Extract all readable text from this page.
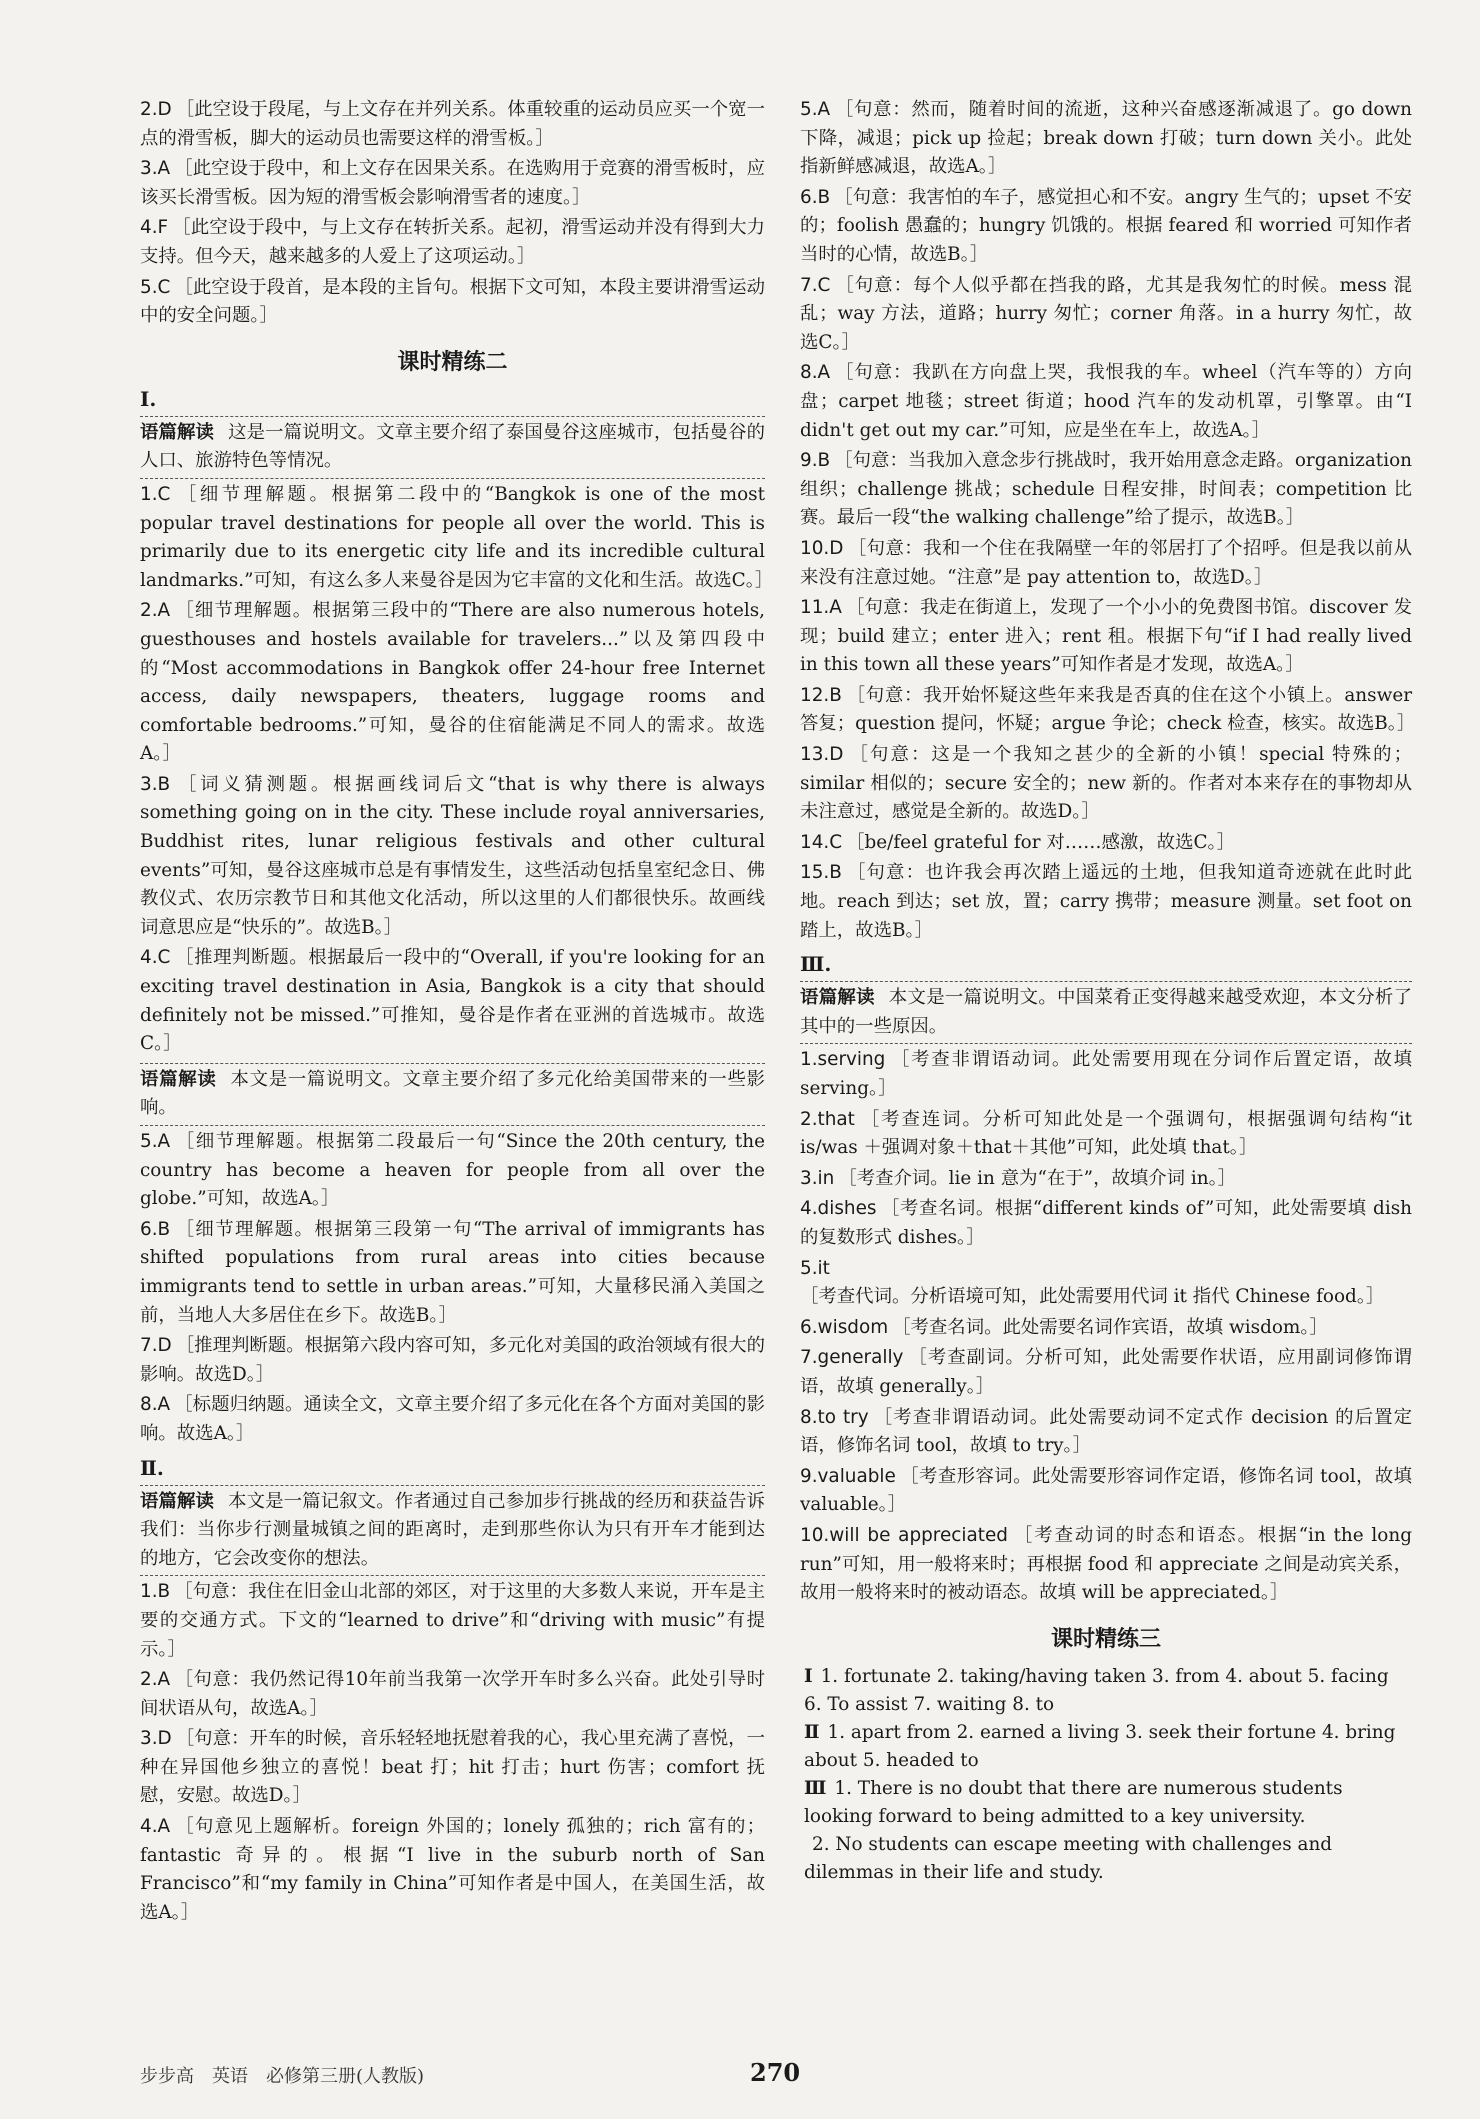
2.D ［此空设于段尾，与上文存在并列关系。体重较重的运动员应买一个宽一点的滑雪板，脚大的运动员也需要这样的滑雪板。］
3.A ［此空设于段中，和上文存在因果关系。在选购用于竞赛的滑雪板时，应该买长滑雪板。因为短的滑雪板会影响滑雪者的速度。］
4.F ［此空设于段中，与上文存在转折关系。起初，滑雪运动并没有得到大力支持。但今天，越来越多的人爱上了这项运动。］
5.C ［此空设于段首，是本段的主旨句。根据下文可知，本段主要讲滑雪运动中的安全问题。］
课时精练二
Ⅰ.
语篇解读 这是一篇说明文。文章主要介绍了泰国曼谷这座城市，包括曼谷的人口、旅游特色等情况。
1.C ［细节理解题。根据第二段中的“Bangkok is one of the most popular travel destinations for people all over the world. This is primarily due to its energetic city life and its incredible cultural landmarks.”可知，有这么多人来曼谷是因为它丰富的文化和生活。故选C。］
2.A ［细节理解题。根据第三段中的“There are also numerous hotels, guesthouses and hostels available for travelers...”以及第四段中的“Most accommodations in Bangkok offer 24-hour free Internet access, daily newspapers, theaters, luggage rooms and comfortable bedrooms.”可知，曼谷的住宿能满足不同人的需求。故选A。］
3.B ［词义猜测题。根据画线词后文“that is why there is always something going on in the city. These include royal anniversaries, Buddhist rites, lunar religious festivals and other cultural events”可知，曼谷这座城市总是有事情发生，这些活动包括皇室纪念日、佛教仪式、农历宗教节日和其他文化活动，所以这里的人们都很快乐。故画线词意思应是“快乐的”。故选B。］
4.C ［推理判断题。根据最后一段中的“Overall, if you're looking for an exciting travel destination in Asia, Bangkok is a city that should definitely not be missed.”可推知，曼谷是作者在亚洲的首选城市。故选C。］
语篇解读 本文是一篇说明文。文章主要介绍了多元化给美国带来的一些影响。
5.A ［细节理解题。根据第二段最后一句“Since the 20th century, the country has become a heaven for people from all over the globe.”可知，故选A。］
6.B ［细节理解题。根据第三段第一句“The arrival of immigrants has shifted populations from rural areas into cities because immigrants tend to settle in urban areas.”可知，大量移民涌入美国之前，当地人大多居住在乡下。故选B。］
7.D ［推理判断题。根据第六段内容可知，多元化对美国的政治领域有很大的影响。故选D。］
8.A ［标题归纳题。通读全文，文章主要介绍了多元化在各个方面对美国的影响。故选A。］
Ⅱ.
语篇解读 本文是一篇记叙文。作者通过自己参加步行挑战的经历和获益告诉我们：当你步行测量城镇之间的距离时，走到那些你认为只有开车才能到达的地方，它会改变你的想法。
1.B ［句意：我住在旧金山北部的郊区，对于这里的大多数人来说，开车是主要的交通方式。下文的“learned to drive”和“driving with music”有提示。］
2.A ［句意：我仍然记得10年前当我第一次学开车时多么兴奋。此处引导时间状语从句，故选A。］
3.D ［句意：开车的时候，音乐轻轻地抚慰着我的心，我心里充满了喜悦，一种在异国他乡独立的喜悦！beat 打；hit 打击；hurt 伤害；comfort 抚慰，安慰。故选D。］
4.A ［句意见上题解析。foreign 外国的；lonely 孤独的；rich 富有的；fantastic 奇异的。根据“I live in the suburb north of San Francisco”和“my family in China”可知作者是中国人，在美国生活，故选A。］
5.A ［句意：然而，随着时间的流逝，这种兴奋感逐渐减退了。go down 下降，减退；pick up 捡起；break down 打破；turn down 关小。此处指新鲜感减退，故选A。］
6.B ［句意：我害怕的车子，感觉担心和不安。angry 生气的；upset 不安的；foolish 愚蠢的；hungry 饥饿的。根据 feared 和 worried 可知作者当时的心情，故选B。］
7.C ［句意：每个人似乎都在挡我的路，尤其是我匆忙的时候。mess 混乱；way 方法，道路；hurry 匆忙；corner 角落。in a hurry 匆忙，故选C。］
8.A ［句意：我趴在方向盘上哭，我恨我的车。wheel（汽车等的）方向盘；carpet 地毯；street 街道；hood 汽车的发动机罩，引擎罩。由“I didn't get out my car.”可知，应是坐在车上，故选A。］
9.B ［句意：当我加入意念步行挑战时，我开始用意念走路。organization 组织；challenge 挑战；schedule 日程安排，时间表；competition 比赛。最后一段“the walking challenge”给了提示，故选B。］
10.D ［句意：我和一个住在我隔壁一年的邻居打了个招呼。但是我以前从来没有注意过她。“注意”是 pay attention to，故选D。］
11.A ［句意：我走在街道上，发现了一个小小的免费图书馆。discover 发现；build 建立；enter 进入；rent 租。根据下句“if I had really lived in this town all these years”可知作者是才发现，故选A。］
12.B ［句意：我开始怀疑这些年来我是否真的住在这个小镇上。answer 答复；question 提问，怀疑；argue 争论；check 检查，核实。故选B。］
13.D ［句意：这是一个我知之甚少的全新的小镇！special 特殊的；similar 相似的；secure 安全的；new 新的。作者对本来存在的事物却从未注意过，感觉是全新的。故选D。］
14.C ［be/feel grateful for 对……感激，故选C。］
15.B ［句意：也许我会再次踏上遥远的土地，但我知道奇迹就在此时此地。reach 到达；set 放，置；carry 携带；measure 测量。set foot on 踏上，故选B。］
Ⅲ.
语篇解读 本文是一篇说明文。中国菜肴正变得越来越受欢迎，本文分析了其中的一些原因。
1.serving ［考查非谓语动词。此处需要用现在分词作后置定语，故填 serving。］
2.that ［考查连词。分析可知此处是一个强调句，根据强调句结构“it is/was ＋强调对象＋that＋其他”可知，此处填 that。］
3.in ［考查介词。lie in 意为“在于”，故填介词 in。］
4.dishes ［考查名词。根据“different kinds of”可知，此处需要填 dish 的复数形式 dishes。］
5.it［考查代词。分析语境可知，此处需要用代词 it 指代 Chinese food。］
6.wisdom ［考查名词。此处需要名词作宾语，故填 wisdom。］
7.generally ［考查副词。分析可知，此处需要作状语，应用副词修饰谓语，故填 generally。］
8.to try ［考查非谓语动词。此处需要动词不定式作 decision 的后置定语，修饰名词 tool，故填 to try。］
9.valuable ［考查形容词。此处需要形容词作定语，修饰名词 tool，故填 valuable。］
10.will be appreciated ［考查动词的时态和语态。根据“in the long run”可知，用一般将来时；再根据 food 和 appreciate 之间是动宾关系，故用一般将来时的被动语态。故填 will be appreciated。］
课时精练三
Ⅰ 1. fortunate 2. taking/having taken 3. from 4. about 5. facing 6. To assist 7. waiting 8. to
Ⅱ 1. apart from 2. earned a living 3. seek their fortune 4. bring about 5. headed to
Ⅲ 1. There is no doubt that there are numerous students looking forward to being admitted to a key university.
2. No students can escape meeting with challenges and dilemmas in their life and study.
步步高　英语　必修第三册(人教版)	270
